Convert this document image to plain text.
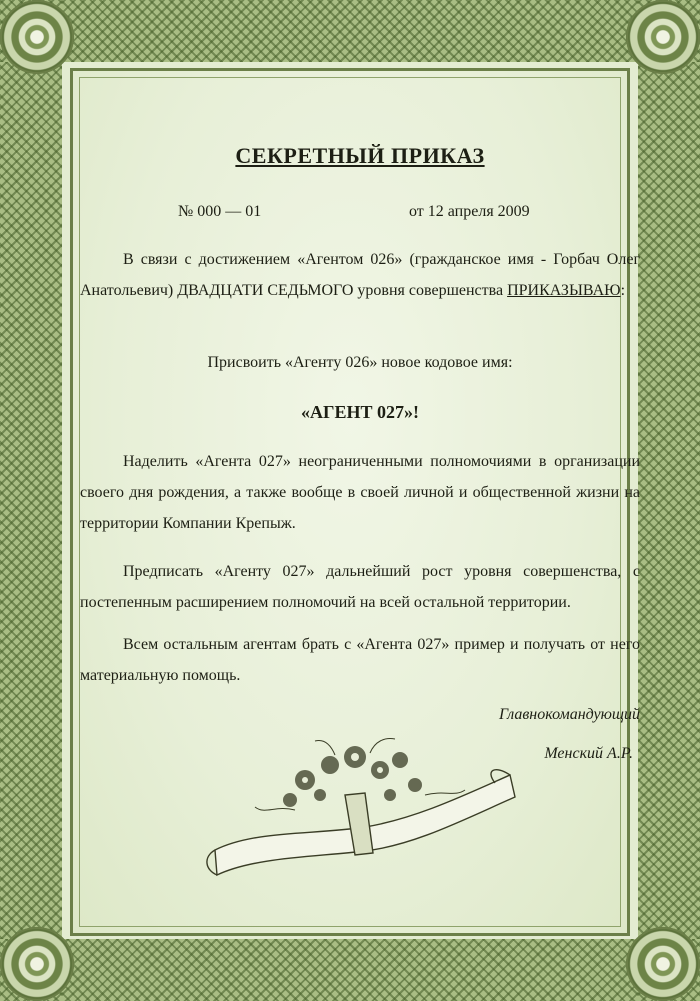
СЕКРЕТНЫЙ ПРИКАЗ
№ 000 — 01	от 12 апреля 2009
В связи с достижением «Агентом 026» (гражданское имя - Горбач Олег Анатольевич) ДВАДЦАТИ СЕДЬМОГО уровня совершенства ПРИКАЗЫВАЮ:
Присвоить «Агенту 026» новое кодовое имя:
«АГЕНТ 027»!
Наделить «Агента 027» неограниченными полномочиями в организации своего дня рождения, а также вообще в своей личной и общественной жизни на территории Компании Крепыж.
Предписать «Агенту 027» дальнейший рост уровня совершенства, с постепенным расширением полномочий на всей остальной территории.
Всем остальным агентам брать с «Агента 027» пример и получать от него материальную помощь.
Главнокомандующий
Менский А.Р.
